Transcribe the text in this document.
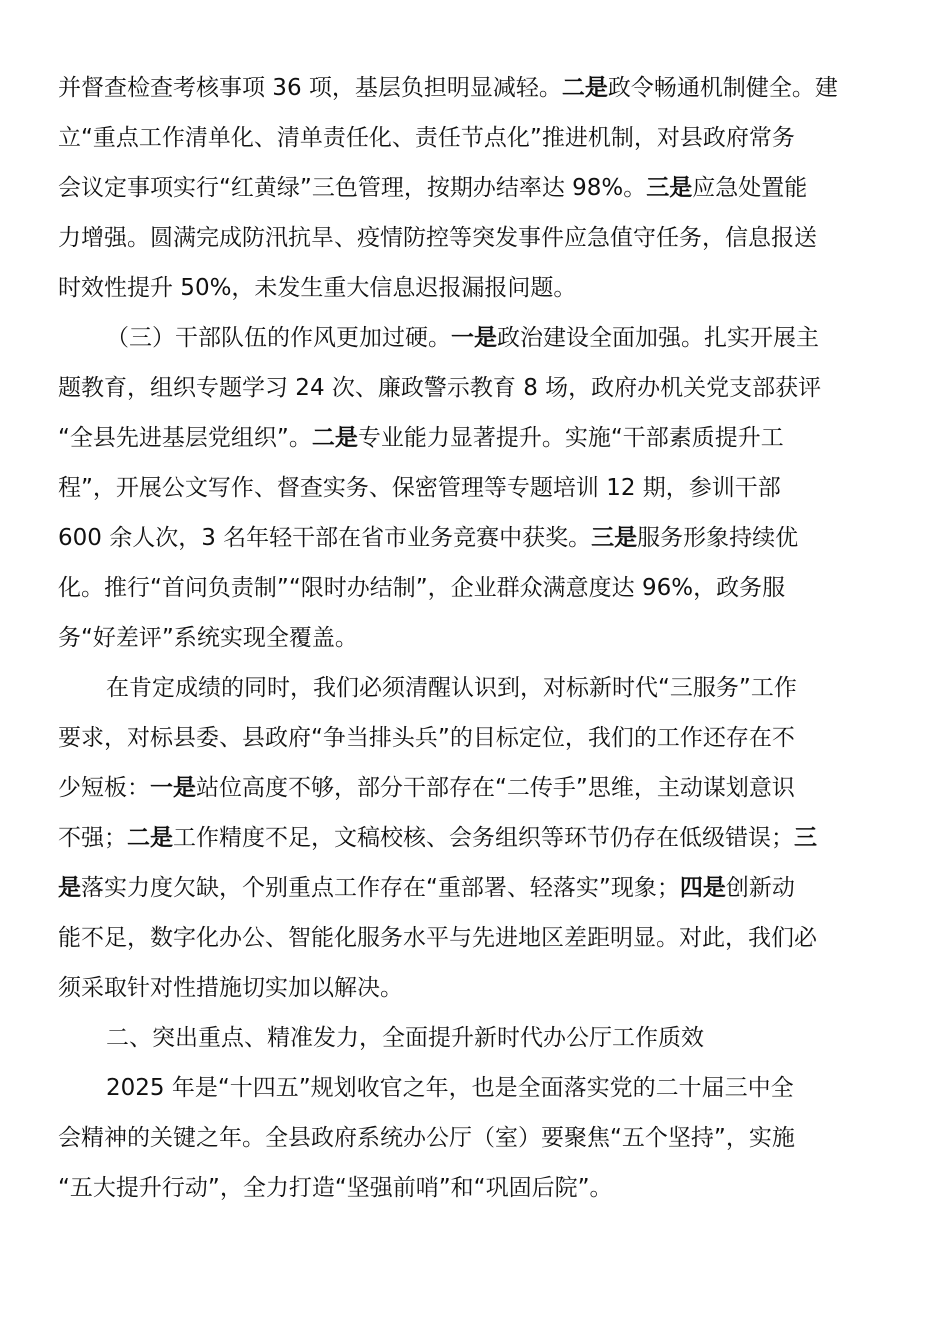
并督查检查考核事项 36 项，基层负担明显减轻。二是政令畅通机制健全。建
立“重点工作清单化、清单责任化、责任节点化”推进机制，对县政府常务
会议定事项实行“红黄绿”三色管理，按期办结率达 98%。三是应急处置能
力增强。圆满完成防汛抗旱、疫情防控等突发事件应急值守任务，信息报送
时效性提升 50%，未发生重大信息迟报漏报问题。
（三）干部队伍的作风更加过硬。一是政治建设全面加强。扎实开展主
题教育，组织专题学习 24 次、廉政警示教育 8 场，政府办机关党支部获评
“全县先进基层党组织”。二是专业能力显著提升。实施“干部素质提升工
程”，开展公文写作、督查实务、保密管理等专题培训 12 期，参训干部
600 余人次，3 名年轻干部在省市业务竞赛中获奖。三是服务形象持续优
化。推行“首问负责制”“限时办结制”，企业群众满意度达 96%，政务服
务“好差评”系统实现全覆盖。
在肯定成绩的同时，我们必须清醒认识到，对标新时代“三服务”工作
要求，对标县委、县政府“争当排头兵”的目标定位，我们的工作还存在不
少短板：一是站位高度不够，部分干部存在“二传手”思维，主动谋划意识
不强；二是工作精度不足，文稿校核、会务组织等环节仍存在低级错误；三
是落实力度欠缺，个别重点工作存在“重部署、轻落实”现象；四是创新动
能不足，数字化办公、智能化服务水平与先进地区差距明显。对此，我们必
须采取针对性措施切实加以解决。
二、突出重点、精准发力，全面提升新时代办公厅工作质效
2025 年是“十四五”规划收官之年，也是全面落实党的二十届三中全
会精神的关键之年。全县政府系统办公厅（室）要聚焦“五个坚持”，实施
“五大提升行动”，全力打造“坚强前哨”和“巩固后院”。
